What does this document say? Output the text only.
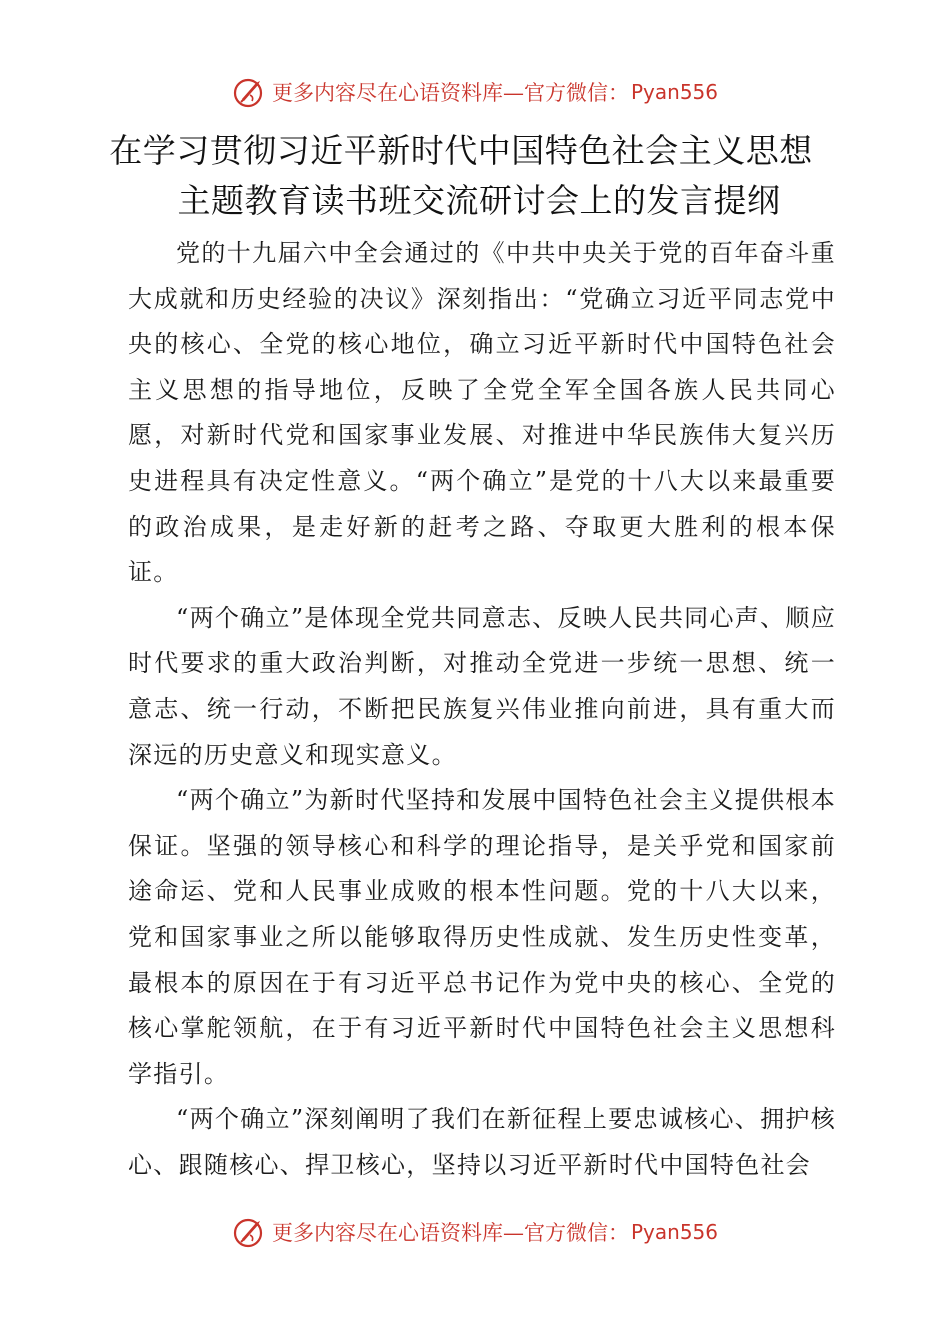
更多内容尽在心语资料库—官方微信： Pyan556
在学习贯彻习近平新时代中国特色社会主义思想
主题教育读书班交流研讨会上的发言提纲

党的十九届六中全会通过的《中共中央关于党的百年奋斗重大成就和历史经验的决议》深刻指出：“党确立习近平同志党中央的核心、全党的核心地位，确立习近平新时代中国特色社会主义思想的指导地位，反映了全党全军全国各族人民共同心愿，对新时代党和国家事业发展、对推进中华民族伟大复兴历史进程具有决定性意义。“两个确立”是党的十八大以来最重要的政治成果，是走好新的赶考之路、夺取更大胜利的根本保证。

“两个确立”是体现全党共同意志、反映人民共同心声、顺应时代要求的重大政治判断，对推动全党进一步统一思想、统一意志、统一行动，不断把民族复兴伟业推向前进，具有重大而深远的历史意义和现实意义。

“两个确立”为新时代坚持和发展中国特色社会主义提供根本保证。坚强的领导核心和科学的理论指导，是关乎党和国家前途命运、党和人民事业成败的根本性问题。党的十八大以来，党和国家事业之所以能够取得历史性成就、发生历史性变革，最根本的原因在于有习近平总书记作为党中央的核心、全党的核心掌舵领航，在于有习近平新时代中国特色社会主义思想科学指引。

“两个确立”深刻阐明了我们在新征程上要忠诚核心、拥护核心、跟随核心、捍卫核心，坚持以习近平新时代中国特色社会

更多内容尽在心语资料库—官方微信： Pyan556
